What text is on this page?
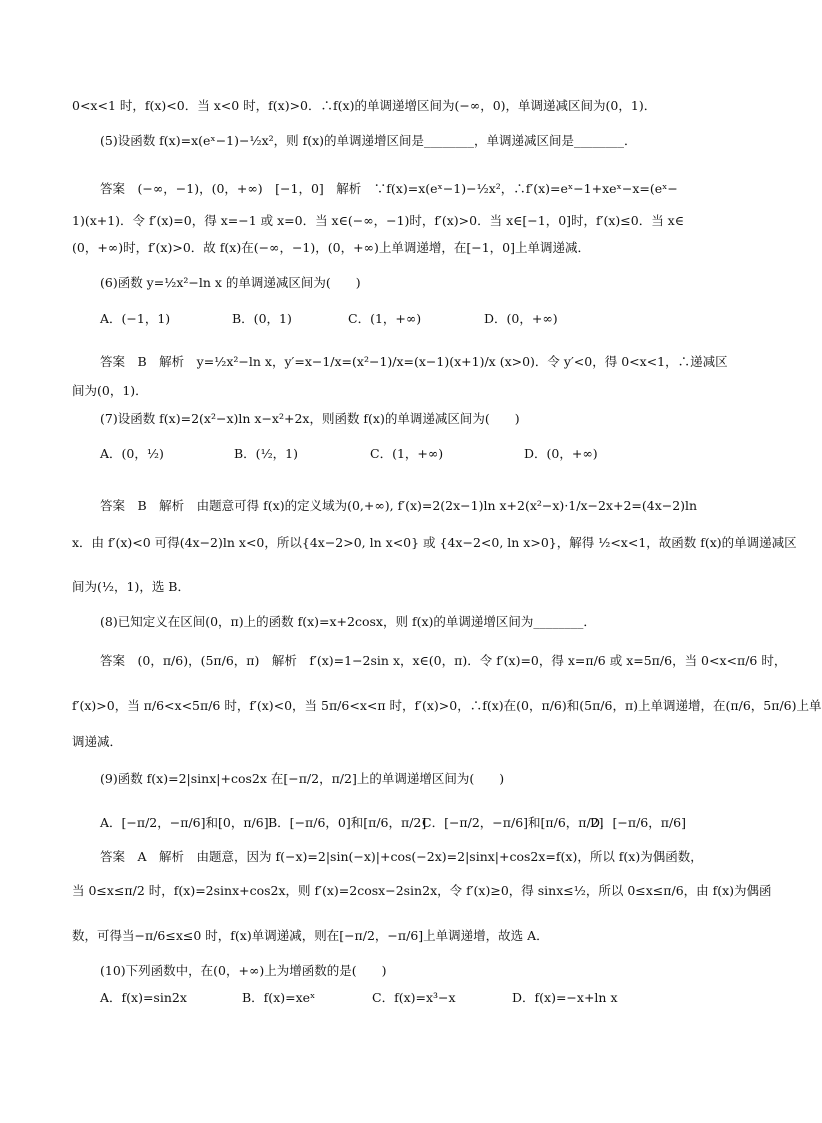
0<x<1 时，f(x)<0．当 x<0 时，f(x)>0．∴f(x)的单调递增区间为(−∞，0)，单调递减区间为(0，1)．
(5)设函数 f(x)=x(eˣ−1)−½x²，则 f(x)的单调递增区间是________，单调递减区间是________．
答案　(−∞，−1)，(0，+∞)　[−1，0]　解析　∵f(x)=x(eˣ−1)−½x²，∴f′(x)=eˣ−1+xeˣ−x=(eˣ−
1)(x+1)．令 f′(x)=0，得 x=−1 或 x=0．当 x∈(−∞，−1)时，f′(x)>0．当 x∈[−1，0]时，f′(x)≤0．当 x∈
(0，+∞)时，f′(x)>0．故 f(x)在(−∞，−1)，(0，+∞)上单调递增，在[−1，0]上单调递减．
(6)函数 y=½x²−ln x 的单调递减区间为(　　)
A．(−1，1)	B．(0，1)	C．(1，+∞)	D．(0，+∞)
答案　B　解析　y=½x²−ln x，y′=x−1/x=(x²−1)/x=(x−1)(x+1)/x (x>0)．令 y′<0，得 0<x<1，∴递减区
间为(0，1)．
(7)设函数 f(x)=2(x²−x)ln x−x²+2x，则函数 f(x)的单调递减区间为(　　)
A．(0，½)	B．(½，1)	C．(1，+∞)	D．(0，+∞)
答案　B　解析　由题意可得 f(x)的定义域为(0,+∞), f′(x)=2(2x−1)ln x+2(x²−x)·1/x−2x+2=(4x−2)ln
x．由 f′(x)<0 可得(4x−2)ln x<0，所以{4x−2>0, ln x<0} 或 {4x−2<0, ln x>0}，解得 ½<x<1，故函数 f(x)的单调递减区
间为(½，1)，选 B．
(8)已知定义在区间(0，π)上的函数 f(x)=x+2cosx，则 f(x)的单调递增区间为________．
答案　(0，π/6)，(5π/6，π)　解析　f′(x)=1−2sin x，x∈(0，π)．令 f′(x)=0，得 x=π/6 或 x=5π/6，当 0<x<π/6 时，
f′(x)>0，当 π/6<x<5π/6 时，f′(x)<0，当 5π/6<x<π 时，f′(x)>0，∴f(x)在(0，π/6)和(5π/6，π)上单调递增，在(π/6，5π/6)上单
调递减．
(9)函数 f(x)=2|sinx|+cos2x 在[−π/2，π/2]上的单调递增区间为(　　)
A．[−π/2，−π/6]和[0，π/6] B．[−π/6，0]和[π/6，π/2]
C．[−π/2，−π/6]和[π/6，π/2]
D．[−π/6，π/6]
答案　A　解析　由题意，因为 f(−x)=2|sin(−x)|+cos(−2x)=2|sinx|+cos2x=f(x)，所以 f(x)为偶函数，
当 0≤x≤π/2 时，f(x)=2sinx+cos2x，则 f′(x)=2cosx−2sin2x，令 f′(x)≥0，得 sinx≤½，所以 0≤x≤π/6，由 f(x)为偶函
数，可得当−π/6≤x≤0 时，f(x)单调递减，则在[−π/2，−π/6]上单调递增，故选 A．
(10)下列函数中，在(0，+∞)上为增函数的是(　　)
A．f(x)=sin2x	B．f(x)=xeˣ	C．f(x)=x³−x	D．f(x)=−x+ln x
